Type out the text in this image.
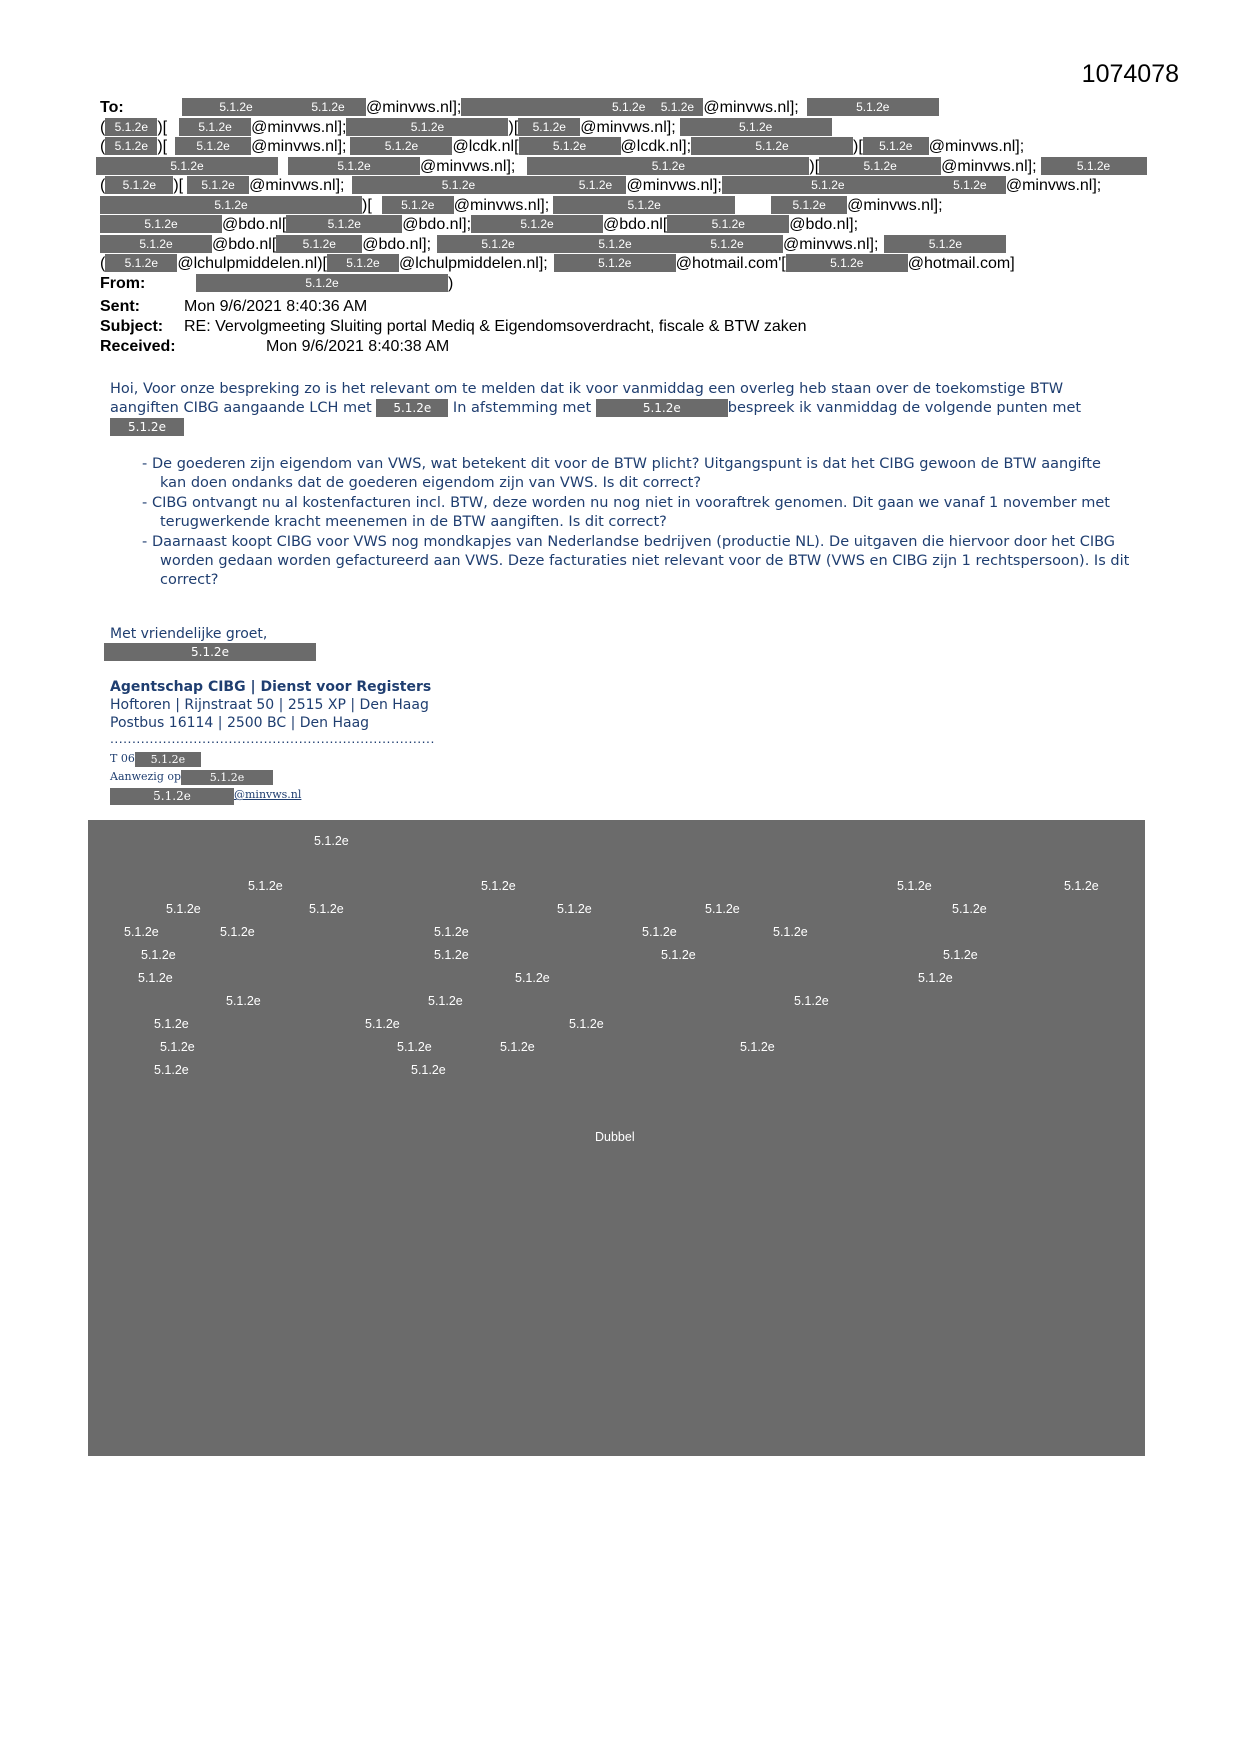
1074078
To:	5.1.2e	5.1.2e @minvws.nl];	5.1.2e 5.1.2e @minvws.nl];	5.1.2e
( 5.1.2e )[	5.1.2e @minvws.nl];	5.1.2e	)[ 5.1.2e @minvws.nl];	5.1.2e
( 5.1.2e )[ 5.1.2e @minvws.nl];	5.1.2e @lcdk.nl[	5.1.2e @lcdk.nl];	5.1.2e	)[ 5.1.2e @minvws.nl];
5.1.2e	5.1.2e	@minvws.nl];	5.1.2e	)[	5.1.2e	@minvws.nl];	5.1.2e
( 5.1.2e )[ 5.1.2e @minvws.nl];	5.1.2e	5.1.2e @minvws.nl];	5.1.2e	5.1.2e @minvws.nl];
5.1.2e	)[ 5.1.2e @minvws.nl];	5.1.2e	5.1.2e @minvws.nl];
5.1.2e	@bdo.nl[	5.1.2e	@bdo.nl];	5.1.2e	@bdo.nl[	5.1.2e	@bdo.nl];
5.1.2e @bdo.nl[ 5.1.2e @bdo.nl];	5.1.2e	5.1.2e	5.1.2e @minvws.nl];	5.1.2e
( 5.1.2e @lchulpmiddelen.nl)[ 5.1.2e @lchulpmiddelen.nl];	5.1.2e	@hotmail.com'[	5.1.2e	@hotmail.com]
From:	5.1.2e	)
Sent:	Mon 9/6/2021 8:40:36 AM
Subject: RE: Vervolgmeeting Sluiting portal Mediq & Eigendomsoverdracht, fiscale & BTW zaken
Received:	Mon 9/6/2021 8:40:38 AM

Hoi, Voor onze bespreking zo is het relevant om te melden dat ik voor vanmiddag een overleg heb staan over de toekomstige BTW aangiften CIBG aangaande LCH met 5.1.2e In afstemming met	5.1.2e	bespreek ik vanmiddag de volgende punten met 5.1.2e

- De goederen zijn eigendom van VWS, wat betekent dit voor de BTW plicht? Uitgangspunt is dat het CIBG gewoon de BTW aangifte kan doen ondanks dat de goederen eigendom zijn van VWS. Is dit correct?
- CIBG ontvangt nu al kostenfacturen incl. BTW, deze worden nu nog niet in vooraftrek genomen. Dit gaan we vanaf 1 november met terugwerkende kracht meenemen in de BTW aangiften. Is dit correct?
- Daarnaast koopt CIBG voor VWS nog mondkapjes van Nederlandse bedrijven (productie NL). De uitgaven die hiervoor door het CIBG worden gedaan worden gefactureerd aan VWS. Deze facturaties niet relevant voor de BTW (VWS en CIBG zijn 1 rechtspersoon). Is dit correct?
Met vriendelijke groet,
5.1.2e
Agentschap CIBG | Dienst voor Registers
Hoftoren | Rijnstraat 50 | 2515 XP | Den Haag
Postbus 16114 | 2500 BC | Den Haag
..........................................................................
T 06 5.1.2e
Aanwezig op	5.1.2e
5.1.2e	@minvws.nl
5.1.2e
5.1.2e	5.1.2e	5.1.2e	5.1.2e
5.1.2e	5.1.2e	5.1.2e	5.1.2e	5.1.2e
5.1.2e	5.1.2e	5.1.2e	5.1.2e	5.1.2e
5.1.2e	5.1.2e	5.1.2e	5.1.2e
5.1.2e	5.1.2e	5.1.2e
5.1.2e	5.1.2e	5.1.2e
5.1.2e	5.1.2e	5.1.2e
5.1.2e	5.1.2e	5.1.2e	5.1.2e
5.1.2e	5.1.2e
Dubbel
